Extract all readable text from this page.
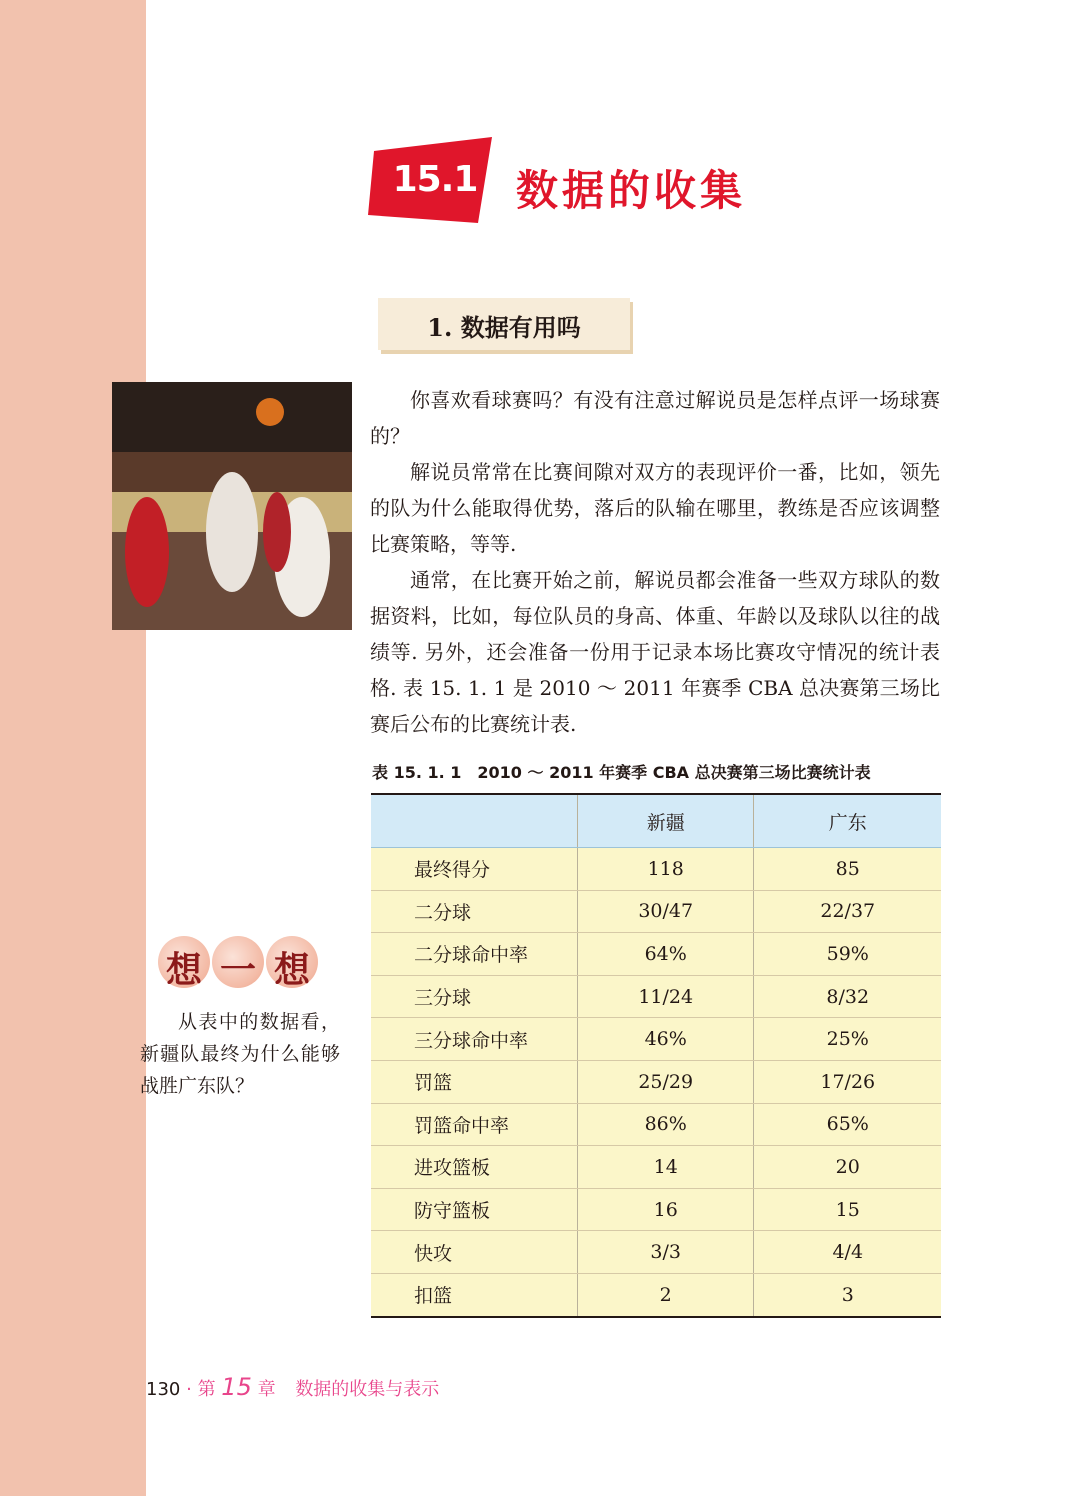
15.1 数据的收集
1. 数据有用吗

你喜欢看球赛吗？有没有注意过解说员是怎样点评一场球赛的？

解说员常常在比赛间隙对双方的表现评价一番，比如，领先的队为什么能取得优势，落后的队输在哪里，教练是否应该调整比赛策略，等等.

通常，在比赛开始之前，解说员都会准备一些双方球队的数据资料，比如，每位队员的身高、体重、年龄以及球队以往的战绩等. 另外，还会准备一份用于记录本场比赛攻守情况的统计表格. 表 15. 1. 1 是 2010 ～ 2011 年赛季 CBA 总决赛第三场比赛后公布的比赛统计表.

表 15. 1. 1　2010 ～ 2011 年赛季 CBA 总决赛第三场比赛统计表
	新疆	广东
最终得分	118	85
二分球	30/47	22/37
二分球命中率	64%	59%
三分球	11/24	8/32
三分球命中率	46%	25%
罚篮	25/29	17/26
罚篮命中率	86%	65%
进攻篮板	14	20
防守篮板	16	15
快攻	3/3	4/4
扣篮	2	3
想 一 想

从表中的数据看，新疆队最终为什么能够战胜广东队？

130 · 第 15 章 数据的收集与表示
